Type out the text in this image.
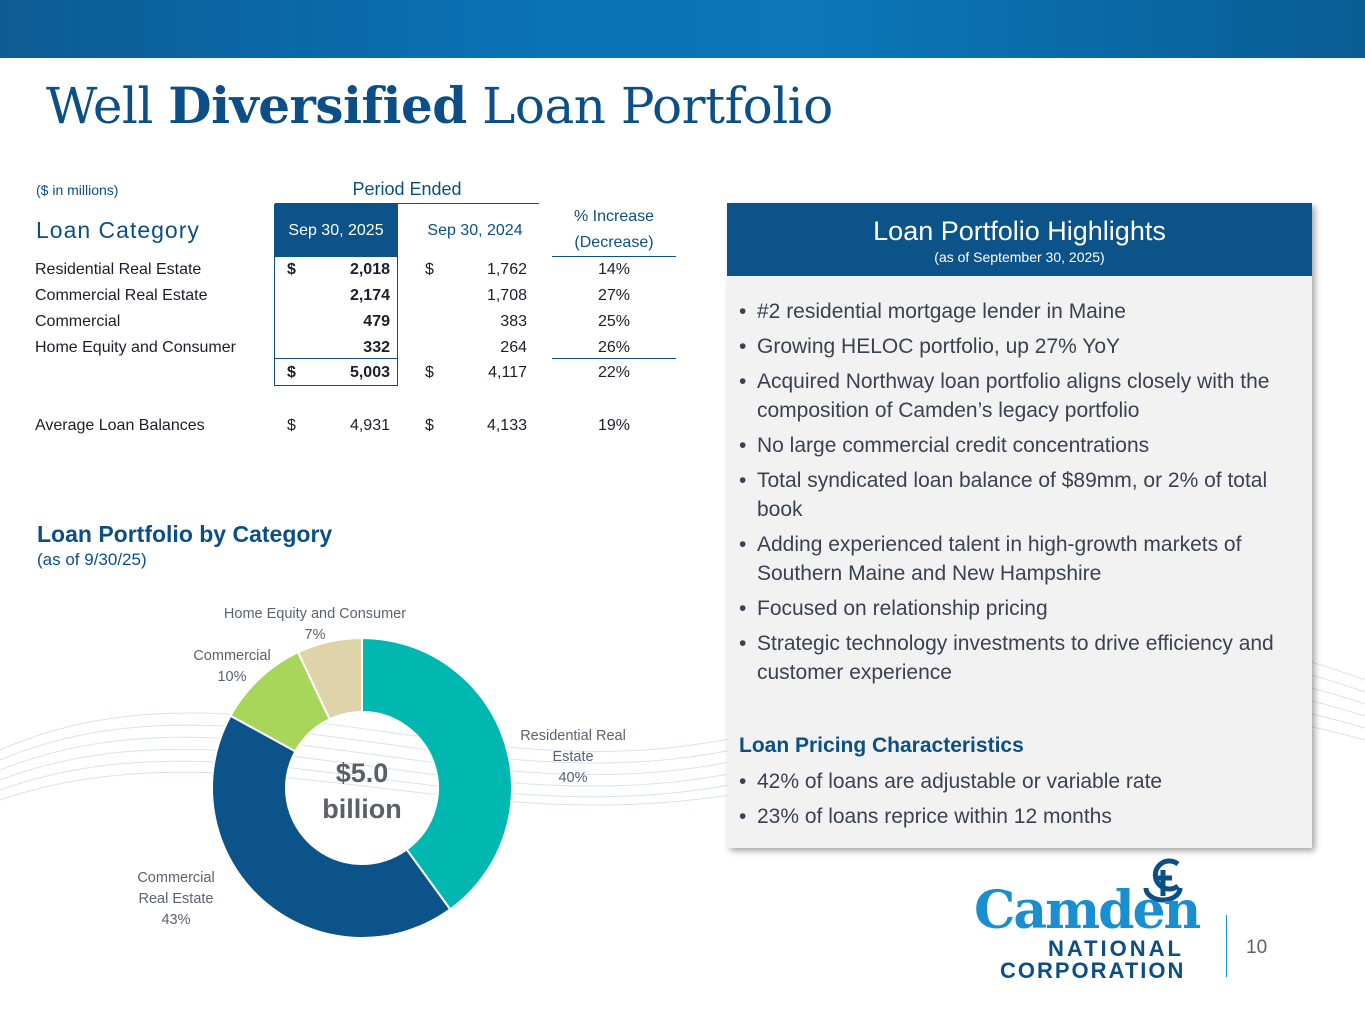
Well Diversified Loan Portfolio
($ in millions)	Period Ended
Loan Category	Sep 30, 2025	Sep 30, 2024
% Increase
(Decrease)
Residential Real Estate	$	2,018 $	1,762	14%
Commercial Real Estate	2,174	1,708	27%
Commercial	479	383	25%
Home Equity and Consumer	332	264	26%
$	5,003 $	4,117	22%
Average Loan Balances	$	4,931 $	4,133	19%
Loan Portfolio by Category
(as of 9/30/25)
Residential Real Estate 40%
Commercial Real Estate 43%
Commercial 10%
Home Equity and Consumer 7%
$5.0
billion
Loan Portfolio Highlights
(as of September 30, 2025)
• #2 residential mortgage lender in Maine
• Growing HELOC portfolio, up 27% YoY
• Acquired Northway loan portfolio aligns closely with the composition of Camden’s legacy portfolio
• No large commercial credit concentrations
• Total syndicated loan balance of $89mm, or 2% of total book
• Adding experienced talent in high-growth markets of Southern Maine and New Hampshire
• Focused on relationship pricing
• Strategic technology investments to drive efficiency and customer experience
Loan Pricing Characteristics
• 42% of loans are adjustable or variable rate
• 23% of loans reprice within 12 months
Camden
NATIONAL
CORPORATION
10
